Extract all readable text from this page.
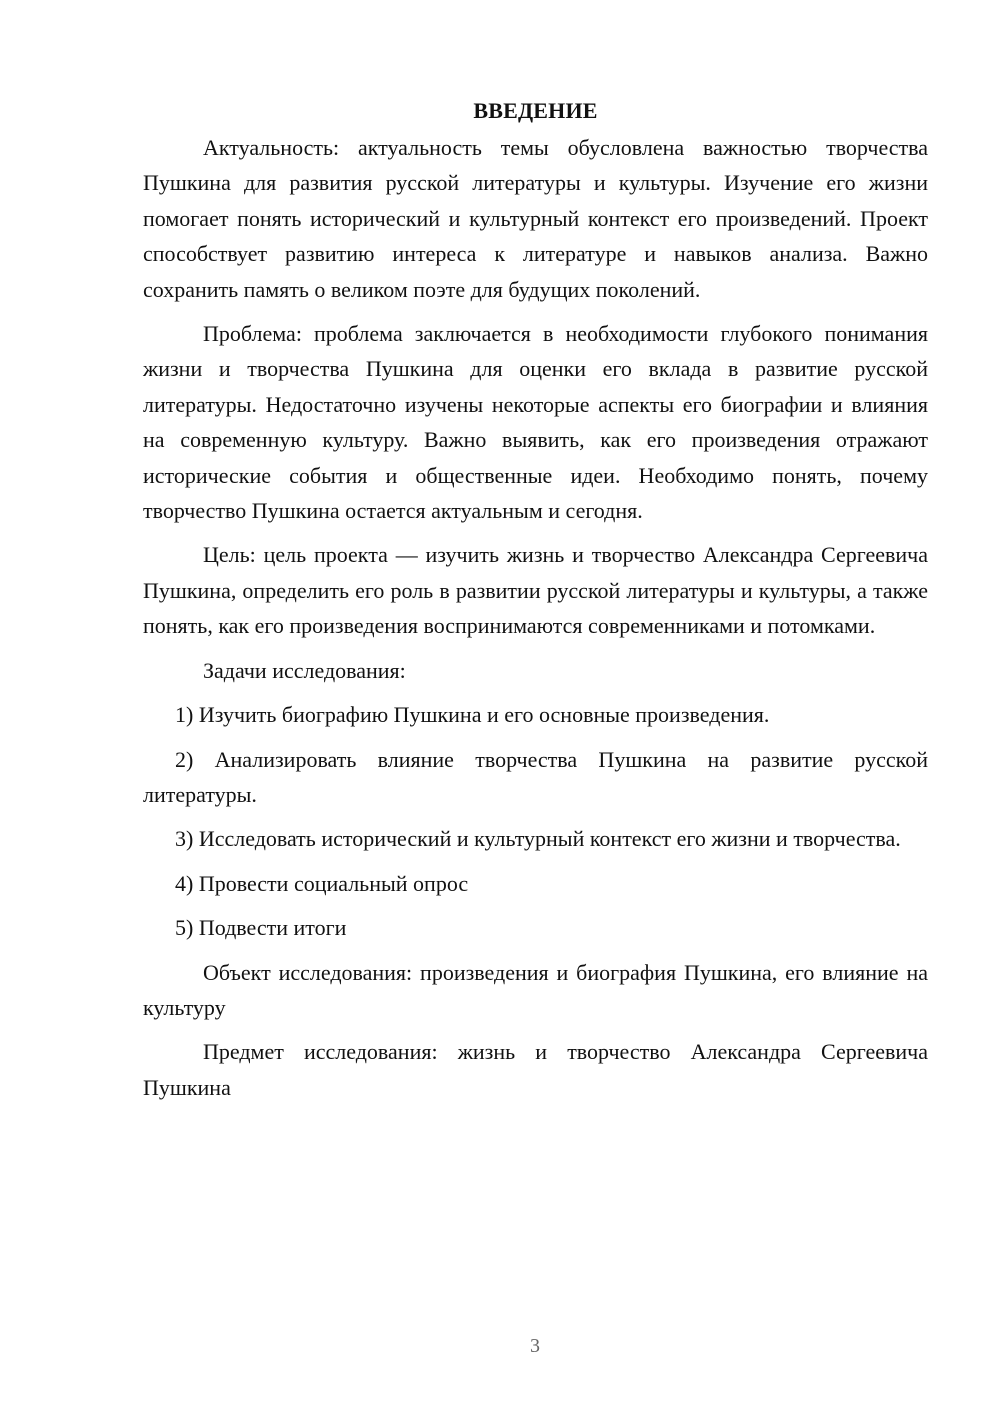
ВВЕДЕНИЕ

Актуальность: актуальность темы обусловлена важностью творчества Пушкина для развития русской литературы и культуры. Изучение его жизни помогает понять исторический и культурный контекст его произведений. Проект способствует развитию интереса к литературе и навыков анализа. Важно сохранить память о великом поэте для будущих поколений.

Проблема: проблема заключается в необходимости глубокого понимания жизни и творчества Пушкина для оценки его вклада в развитие русской литературы. Недостаточно изучены некоторые аспекты его биографии и влияния на современную культуру. Важно выявить, как его произведения отражают исторические события и общественные идеи. Необходимо понять, почему творчество Пушкина остается актуальным и сегодня.

Цель: цель проекта — изучить жизнь и творчество Александра Сергеевича Пушкина, определить его роль в развитии русской литературы и культуры, а также понять, как его произведения воспринимаются современниками и потомками.

Задачи исследования:

1) Изучить биографию Пушкина и его основные произведения.

2) Анализировать влияние творчества Пушкина на развитие русской литературы.

3) Исследовать исторический и культурный контекст его жизни и творчества.

4) Провести социальный опрос

5) Подвести итоги

Объект исследования: произведения и биография Пушкина, его влияние на культуру

Предмет исследования: жизнь и творчество Александра Сергеевича Пушкина

3
